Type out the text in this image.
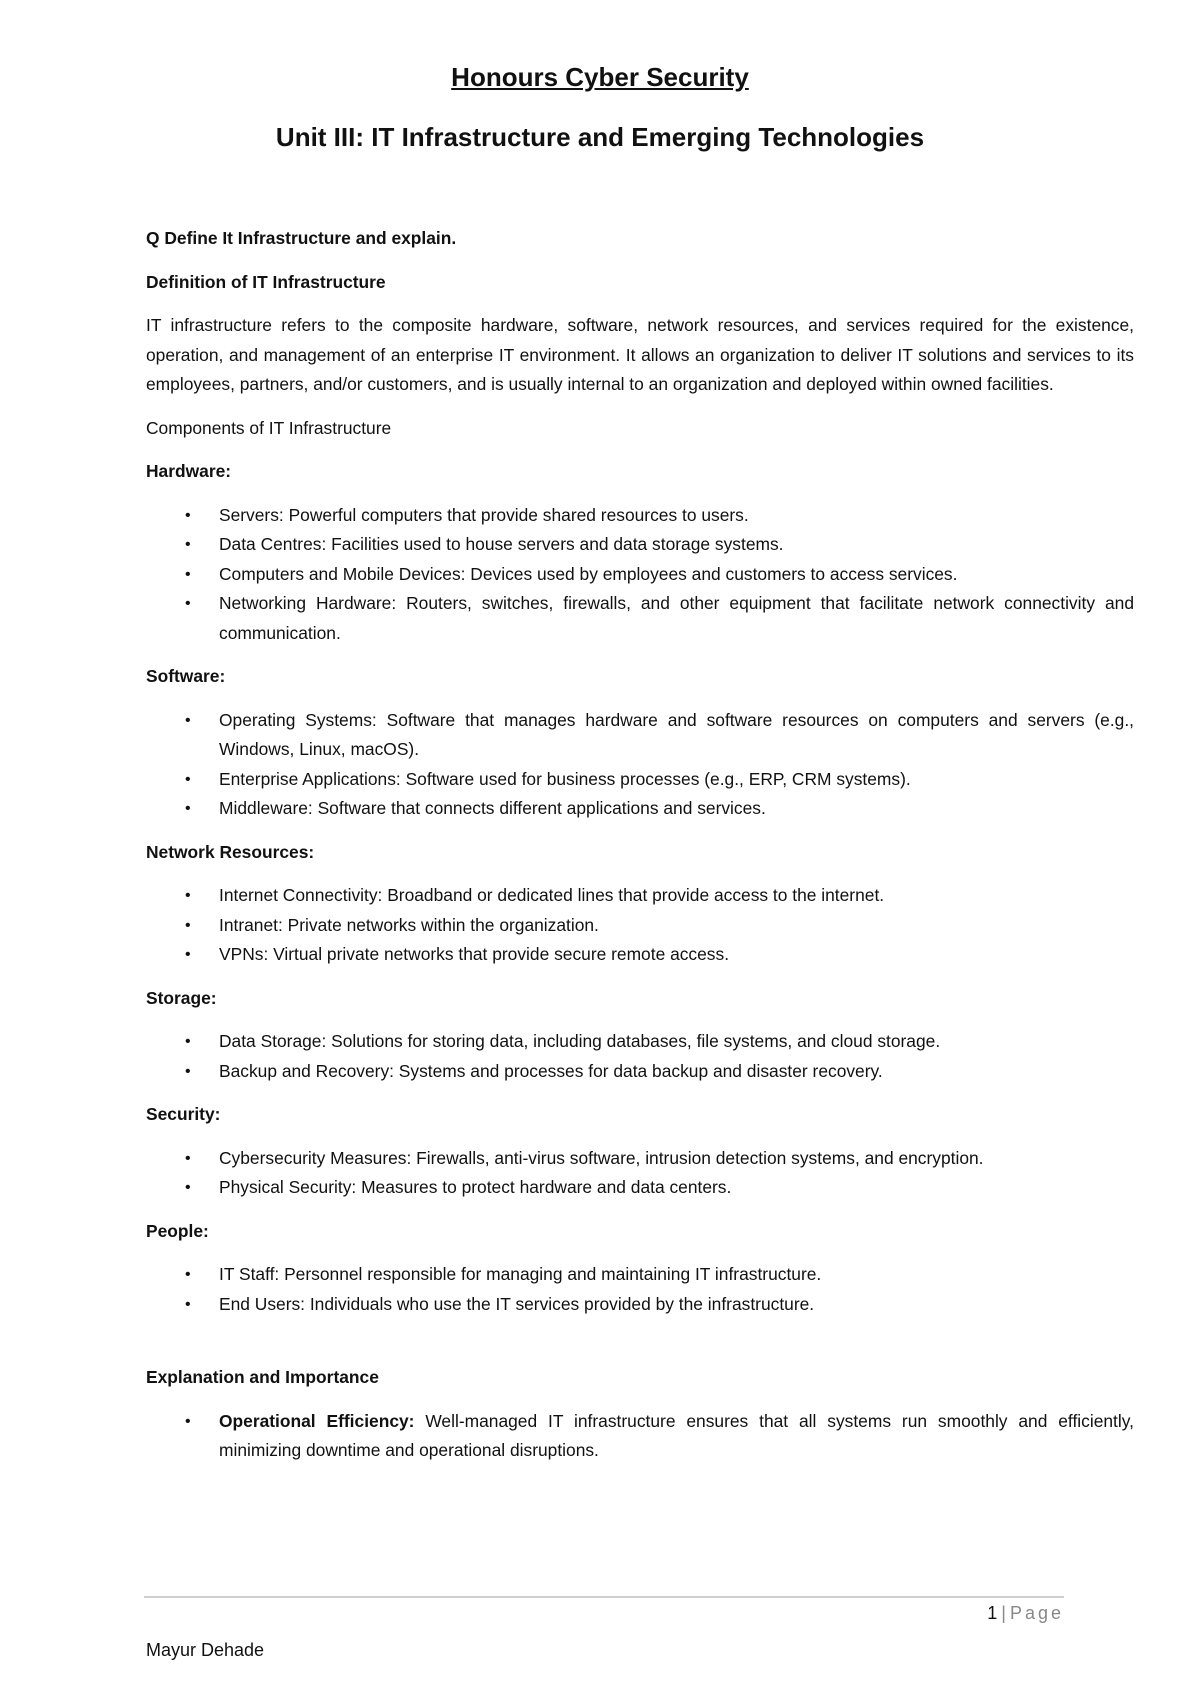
Honours Cyber Security
Unit III: IT Infrastructure and Emerging Technologies

Q Define It Infrastructure and explain.

Definition of IT Infrastructure

IT infrastructure refers to the composite hardware, software, network resources, and services required for the existence, operation, and management of an enterprise IT environment. It allows an organization to deliver IT solutions and services to its employees, partners, and/or customers, and is usually internal to an organization and deployed within owned facilities.

Components of IT Infrastructure

Hardware:

• Servers: Powerful computers that provide shared resources to users.
• Data Centres: Facilities used to house servers and data storage systems.
• Computers and Mobile Devices: Devices used by employees and customers to access services.
• Networking Hardware: Routers, switches, firewalls, and other equipment that facilitate network connectivity and communication.

Software:

• Operating Systems: Software that manages hardware and software resources on computers and servers (e.g., Windows, Linux, macOS).
• Enterprise Applications: Software used for business processes (e.g., ERP, CRM systems).
• Middleware: Software that connects different applications and services.

Network Resources:

• Internet Connectivity: Broadband or dedicated lines that provide access to the internet.
• Intranet: Private networks within the organization.
• VPNs: Virtual private networks that provide secure remote access.

Storage:

• Data Storage: Solutions for storing data, including databases, file systems, and cloud storage.
• Backup and Recovery: Systems and processes for data backup and disaster recovery.

Security:

• Cybersecurity Measures: Firewalls, anti-virus software, intrusion detection systems, and encryption.
• Physical Security: Measures to protect hardware and data centers.

People:

• IT Staff: Personnel responsible for managing and maintaining IT infrastructure.
• End Users: Individuals who use the IT services provided by the infrastructure.

Explanation and Importance

• Operational Efficiency: Well-managed IT infrastructure ensures that all systems run smoothly and efficiently, minimizing downtime and operational disruptions.
1 | Page
Mayur Dehade
